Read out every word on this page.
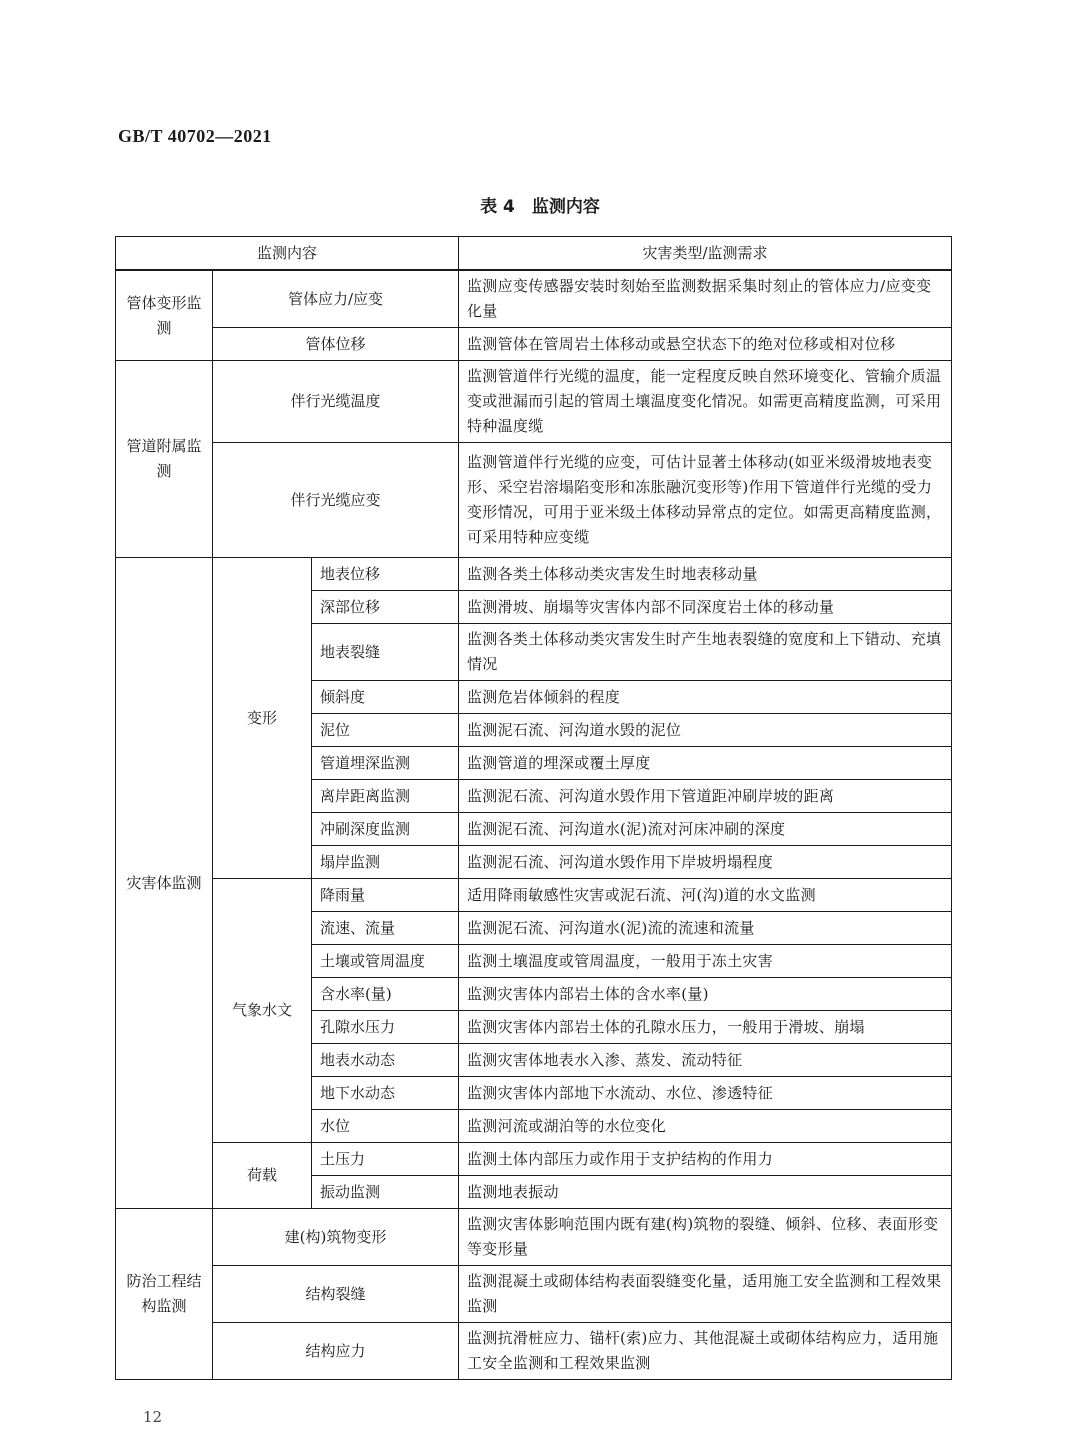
GB/T 40702—2021
表 4　监测内容
监测内容			灾害类型/监测需求
管体变形监测	管体应力/应变		监测应变传感器安装时刻始至监测数据采集时刻止的管体应力/应变变化量
	管体位移		监测管体在管周岩土体移动或悬空状态下的绝对位移或相对位移
管道附属监测	伴行光缆温度		监测管道伴行光缆的温度，能一定程度反映自然环境变化、管输介质温变或泄漏而引起的管周土壤温度变化情况。如需更高精度监测，可采用特种温度缆
	伴行光缆应变		监测管道伴行光缆的应变，可估计显著土体移动(如亚米级滑坡地表变形、采空岩溶塌陷变形和冻胀融沉变形等)作用下管道伴行光缆的受力变形情况，可用于亚米级土体移动异常点的定位。如需更高精度监测，可采用特种应变缆
灾害体监测	变形	地表位移	监测各类土体移动类灾害发生时地表移动量
		深部位移	监测滑坡、崩塌等灾害体内部不同深度岩土体的移动量
		地表裂缝	监测各类土体移动类灾害发生时产生地表裂缝的宽度和上下错动、充填情况
		倾斜度	监测危岩体倾斜的程度
		泥位	监测泥石流、河沟道水毁的泥位
		管道埋深监测	监测管道的埋深或覆土厚度
		离岸距离监测	监测泥石流、河沟道水毁作用下管道距冲刷岸坡的距离
		冲刷深度监测	监测泥石流、河沟道水(泥)流对河床冲刷的深度
		塌岸监测	监测泥石流、河沟道水毁作用下岸坡坍塌程度
	气象水文	降雨量	适用降雨敏感性灾害或泥石流、河(沟)道的水文监测
		流速、流量	监测泥石流、河沟道水(泥)流的流速和流量
		土壤或管周温度	监测土壤温度或管周温度，一般用于冻土灾害
		含水率(量)	监测灾害体内部岩土体的含水率(量)
		孔隙水压力	监测灾害体内部岩土体的孔隙水压力，一般用于滑坡、崩塌
		地表水动态	监测灾害体地表水入渗、蒸发、流动特征
		地下水动态	监测灾害体内部地下水流动、水位、渗透特征
		水位	监测河流或湖泊等的水位变化
	荷载	土压力	监测土体内部压力或作用于支护结构的作用力
		振动监测	监测地表振动
防治工程结构监测	建(构)筑物变形		监测灾害体影响范围内既有建(构)筑物的裂缝、倾斜、位移、表面形变等变形量
	结构裂缝		监测混凝土或砌体结构表面裂缝变化量，适用施工安全监测和工程效果监测
	结构应力		监测抗滑桩应力、锚杆(索)应力、其他混凝土或砌体结构应力，适用施工安全监测和工程效果监测
12
